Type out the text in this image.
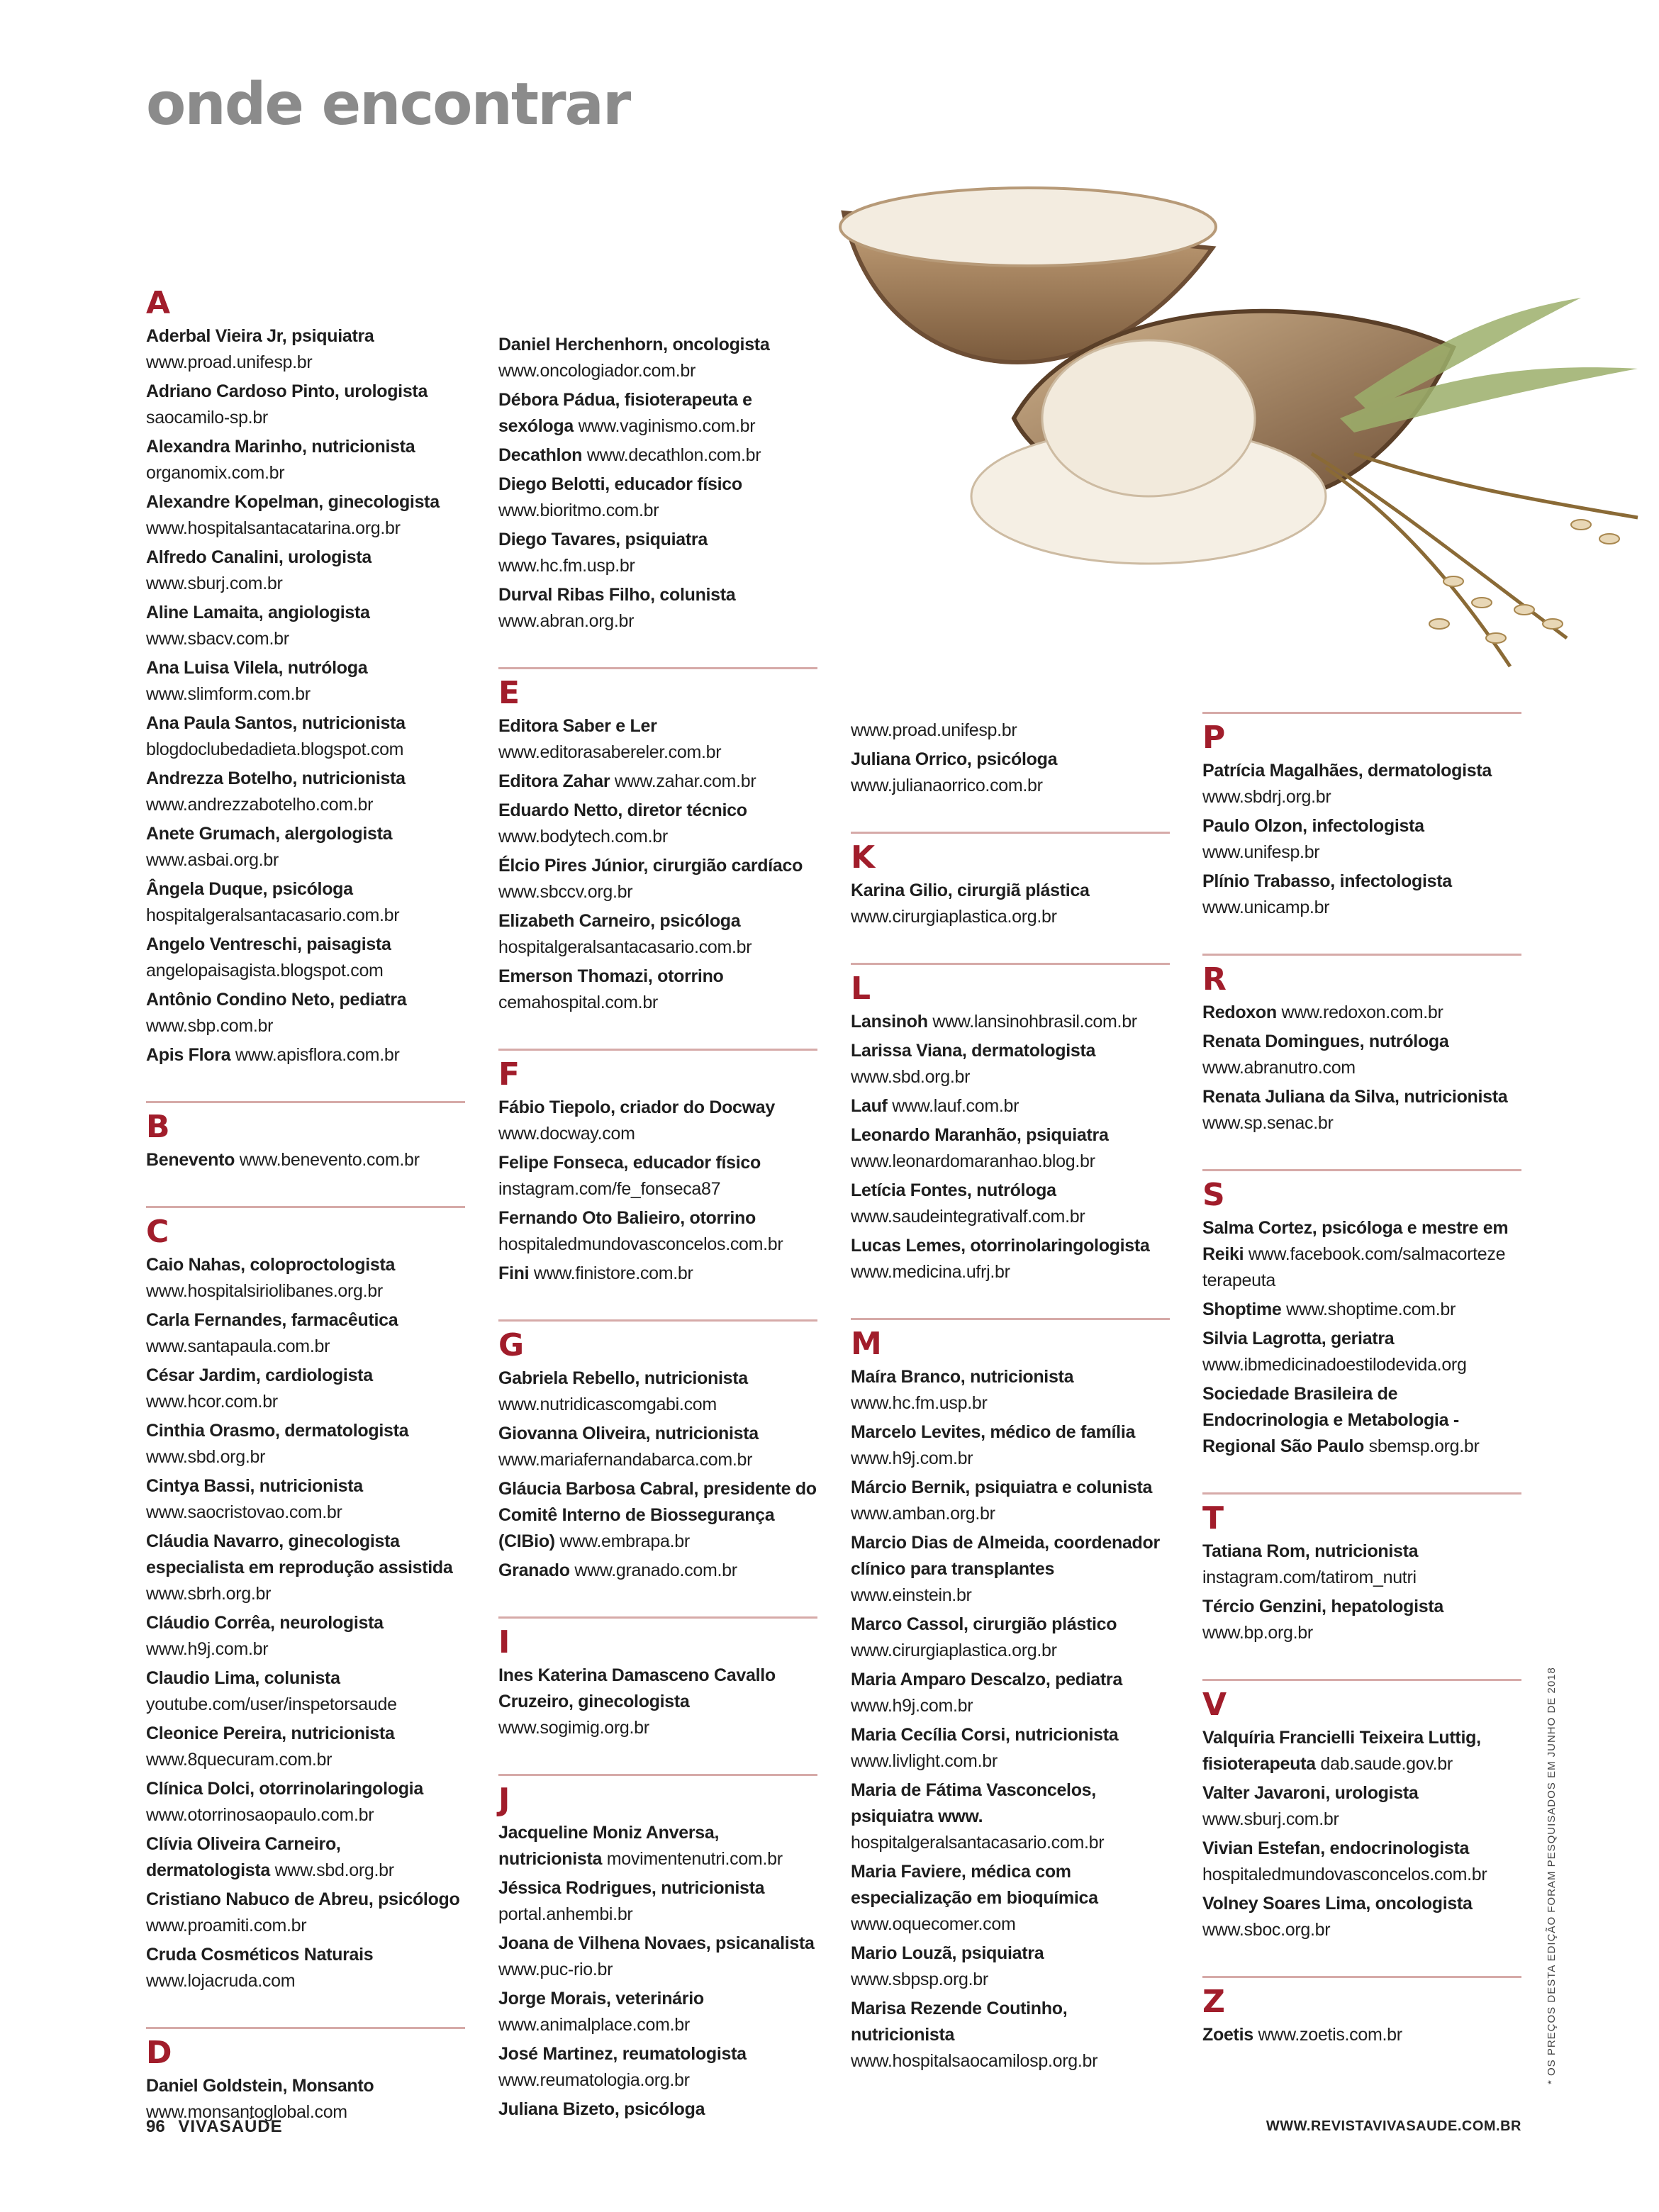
onde encontrar
A
Aderbal Vieira Jr, psiquiatra www.proad.unifesp.br
Adriano Cardoso Pinto, urologista saocamilo-sp.br
Alexandra Marinho, nutricionista organomix.com.br
Alexandre Kopelman, ginecologista www.hospitalsantacatarina.org.br
Alfredo Canalini, urologista www.sburj.com.br
Aline Lamaita, angiologista www.sbacv.com.br
Ana Luisa Vilela, nutróloga www.slimform.com.br
Ana Paula Santos, nutricionista blogdoclubedadieta.blogspot.com
Andrezza Botelho, nutricionista www.andrezzabotelho.com.br
Anete Grumach, alergologista www.asbai.org.br
Ângela Duque, psicóloga hospitalgeralsantacasario.com.br
Angelo Ventreschi, paisagista angelopaisagista.blogspot.com
Antônio Condino Neto, pediatra www.sbp.com.br
Apis Flora www.apisflora.com.br
B
Benevento www.benevento.com.br
C
Caio Nahas, coloproctologista www.hospitalsiriolibanes.org.br
Carla Fernandes, farmacêutica www.santapaula.com.br
César Jardim, cardiologista www.hcor.com.br
Cinthia Orasmo, dermatologista www.sbd.org.br
Cintya Bassi, nutricionista www.saocristovao.com.br
Cláudia Navarro, ginecologista especialista em reprodução assistida www.sbrh.org.br
Cláudio Corrêa, neurologista www.h9j.com.br
Claudio Lima, colunista youtube.com/user/inspetorsaude
Cleonice Pereira, nutricionista www.8quecuram.com.br
Clínica Dolci, otorrinolaringologia www.otorrinosaopaulo.com.br
Clívia Oliveira Carneiro, dermatologista www.sbd.org.br
Cristiano Nabuco de Abreu, psicólogo www.proamiti.com.br
Cruda Cosméticos Naturais www.lojacruda.com
D
Daniel Goldstein, Monsanto www.monsantoglobal.com
Daniel Herchenhorn, oncologista www.oncologiador.com.br
Débora Pádua, fisioterapeuta e sexóloga www.vaginismo.com.br
Decathlon www.decathlon.com.br
Diego Belotti, educador físico www.bioritmo.com.br
Diego Tavares, psiquiatra www.hc.fm.usp.br
Durval Ribas Filho, colunista www.abran.org.br
E
Editora Saber e Ler www.editorasabereler.com.br
Editora Zahar www.zahar.com.br
Eduardo Netto, diretor técnico www.bodytech.com.br
Élcio Pires Júnior, cirurgião cardíaco www.sbccv.org.br
Elizabeth Carneiro, psicóloga hospitalgeralsantacasario.com.br
Emerson Thomazi, otorrino cemahospital.com.br
F
Fábio Tiepolo, criador do Docway www.docway.com
Felipe Fonseca, educador físico instagram.com/fe_fonseca87
Fernando Oto Balieiro, otorrino hospitaledmundovasconcelos.com.br
Fini www.finistore.com.br
G
Gabriela Rebello, nutricionista www.nutridicascomgabi.com
Giovanna Oliveira, nutricionista www.mariafernandabarca.com.br
Gláucia Barbosa Cabral, presidente do Comitê Interno de Biossegurança (CIBio) www.embrapa.br
Granado www.granado.com.br
I
Ines Katerina Damasceno Cavallo Cruzeiro, ginecologista www.sogimig.org.br
J
Jacqueline Moniz Anversa, nutricionista movimentenutri.com.br
Jéssica Rodrigues, nutricionista portal.anhembi.br
Joana de Vilhena Novaes, psicanalista www.puc-rio.br
Jorge Morais, veterinário www.animalplace.com.br
José Martinez, reumatologista www.reumatologia.org.br
Juliana Bizeto, psicóloga
www.proad.unifesp.br
Juliana Orrico, psicóloga www.julianaorrico.com.br
K
Karina Gilio, cirurgiã plástica www.cirurgiaplastica.org.br
L
Lansinoh www.lansinohbrasil.com.br
Larissa Viana, dermatologista www.sbd.org.br
Lauf www.lauf.com.br
Leonardo Maranhão, psiquiatra www.leonardomaranhao.blog.br
Letícia Fontes, nutróloga www.saudeintegrativalf.com.br
Lucas Lemes, otorrinolaringologista www.medicina.ufrj.br
M
Maíra Branco, nutricionista www.hc.fm.usp.br
Marcelo Levites, médico de família www.h9j.com.br
Márcio Bernik, psiquiatra e colunista www.amban.org.br
Marcio Dias de Almeida, coordenador clínico para transplantes www.einstein.br
Marco Cassol, cirurgião plástico www.cirurgiaplastica.org.br
Maria Amparo Descalzo, pediatra www.h9j.com.br
Maria Cecília Corsi, nutricionista www.livlight.com.br
Maria de Fátima Vasconcelos, psiquiatra www. hospitalgeralsantacasario.com.br
Maria Faviere, médica com especialização em bioquímica www.oquecomer.com
Mario Louzã, psiquiatra www.sbpsp.org.br
Marisa Rezende Coutinho, nutricionista www.hospitalsaocamilosp.org.br
P
Patrícia Magalhães, dermatologista www.sbdrj.org.br
Paulo Olzon, infectologista www.unifesp.br
Plínio Trabasso, infectologista www.unicamp.br
R
Redoxon www.redoxon.com.br
Renata Domingues, nutróloga www.abranutro.com
Renata Juliana da Silva, nutricionista www.sp.senac.br
S
Salma Cortez, psicóloga e mestre em Reiki www.facebook.com/salmacorteze terapeuta
Shoptime www.shoptime.com.br
Silvia Lagrotta, geriatra www.ibmedicinadoestilodevida.org
Sociedade Brasileira de Endocrinologia e Metabologia - Regional São Paulo sbemsp.org.br
T
Tatiana Rom, nutricionista instagram.com/tatirom_nutri
Tércio Genzini, hepatologista www.bp.org.br
V
Valquíria Francielli Teixeira Luttig, fisioterapeuta dab.saude.gov.br
Valter Javaroni, urologista www.sburj.com.br
Vivian Estefan, endocrinologista hospitaledmundovasconcelos.com.br
Volney Soares Lima, oncologista www.sboc.org.br
Z
Zoetis www.zoetis.com.br	* OS PREÇOS DESTA EDIÇÃO FORAM PESQUISADOS EM JUNHO DE 2018
96 VIVASAÚDE	WWW.REVISTAVIVASAUDE.COM.BR
